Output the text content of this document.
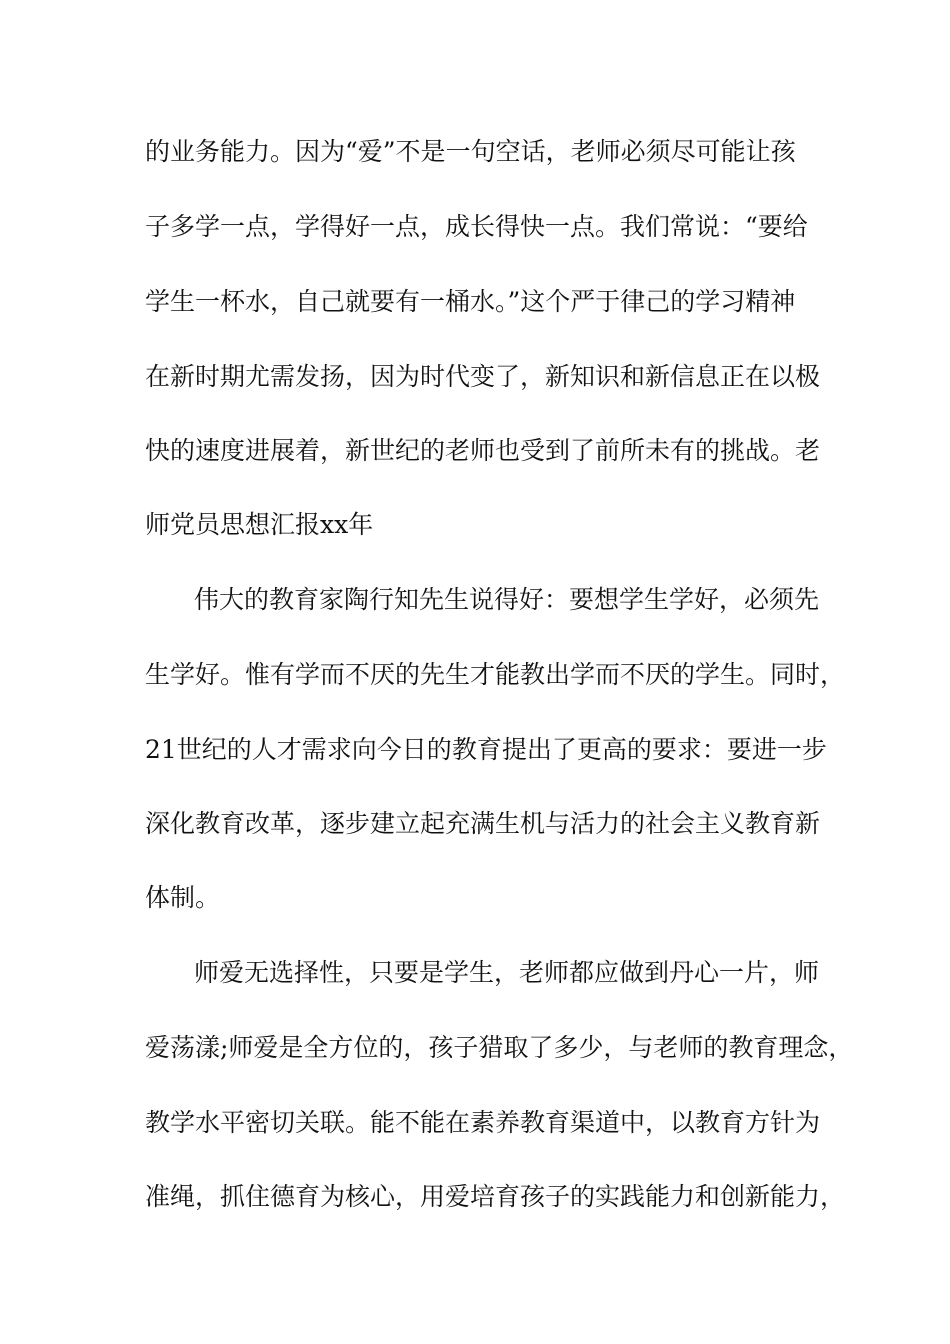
的业务能力。因为“爱”不是一句空话，老师必须尽可能让孩
子多学一点，学得好一点，成长得快一点。我们常说：“要给
学生一杯水，自己就要有一桶水。”这个严于律己的学习精神
在新时期尤需发扬，因为时代变了，新知识和新信息正在以极
快的速度进展着，新世纪的老师也受到了前所未有的挑战。老
师党员思想汇报xx年
伟大的教育家陶行知先生说得好：要想学生学好，必须先
生学好。惟有学而不厌的先生才能教出学而不厌的学生。同时，
21世纪的人才需求向今日的教育提出了更高的要求：要进一步
深化教育改革，逐步建立起充满生机与活力的社会主义教育新
体制。
师爱无选择性，只要是学生，老师都应做到丹心一片，师
爱荡漾;师爱是全方位的，孩子猎取了多少，与老师的教育理念，
教学水平密切关联。能不能在素养教育渠道中，以教育方针为
准绳，抓住德育为核心，用爱培育孩子的实践能力和创新能力，
